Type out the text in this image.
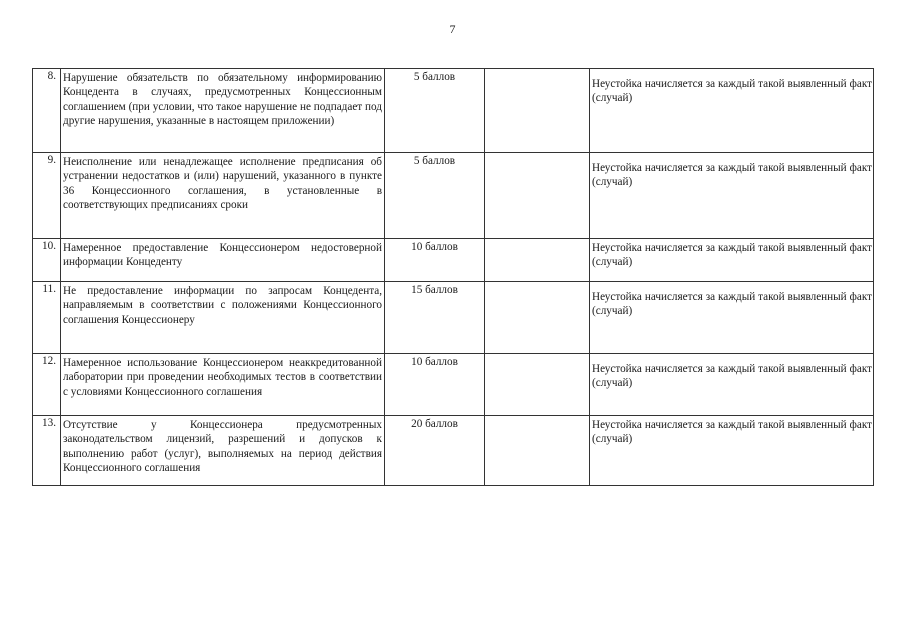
7
8.	Нарушение обязательств по обязательному информированию Концедента в случаях, предусмотренных Концессионным соглашением (при условии, что такое нарушение не подпадает под другие нарушения, указанные в настоящем приложении)	5 баллов		Неустойка начисляется за каждый такой выявленный факт (случай)

9.	Неисполнение или ненадлежащее исполнение предписания об устранении недостатков и (или) нарушений, указанного в пункте 36 Концессионного соглашения, в установленные в соответствующих предписаниях сроки	5 баллов		Неустойка начисляется за каждый такой выявленный факт (случай)

10.	Намеренное предоставление Концессионером недостоверной информации Концеденту	10 баллов		Неустойка начисляется за каждый такой выявленный факт (случай)

11.	Не предоставление информации по запросам Концедента, направляемым в соответствии с положениями Концессионного соглашения Концессионеру	15 баллов		Неустойка начисляется за каждый такой выявленный факт (случай)

12.	Намеренное использование Концессионером неаккредитованной лаборатории при проведении необходимых тестов в соответствии с условиями Концессионного соглашения	10 баллов		Неустойка начисляется за каждый такой выявленный факт (случай)

13.	Отсутствие у Концессионера предусмотренных законодательством лицензий, разрешений и допусков к выполнению работ (услуг), выполняемых на период действия Концессионного соглашения	20 баллов		Неустойка начисляется за каждый такой выявленный факт (случай)
